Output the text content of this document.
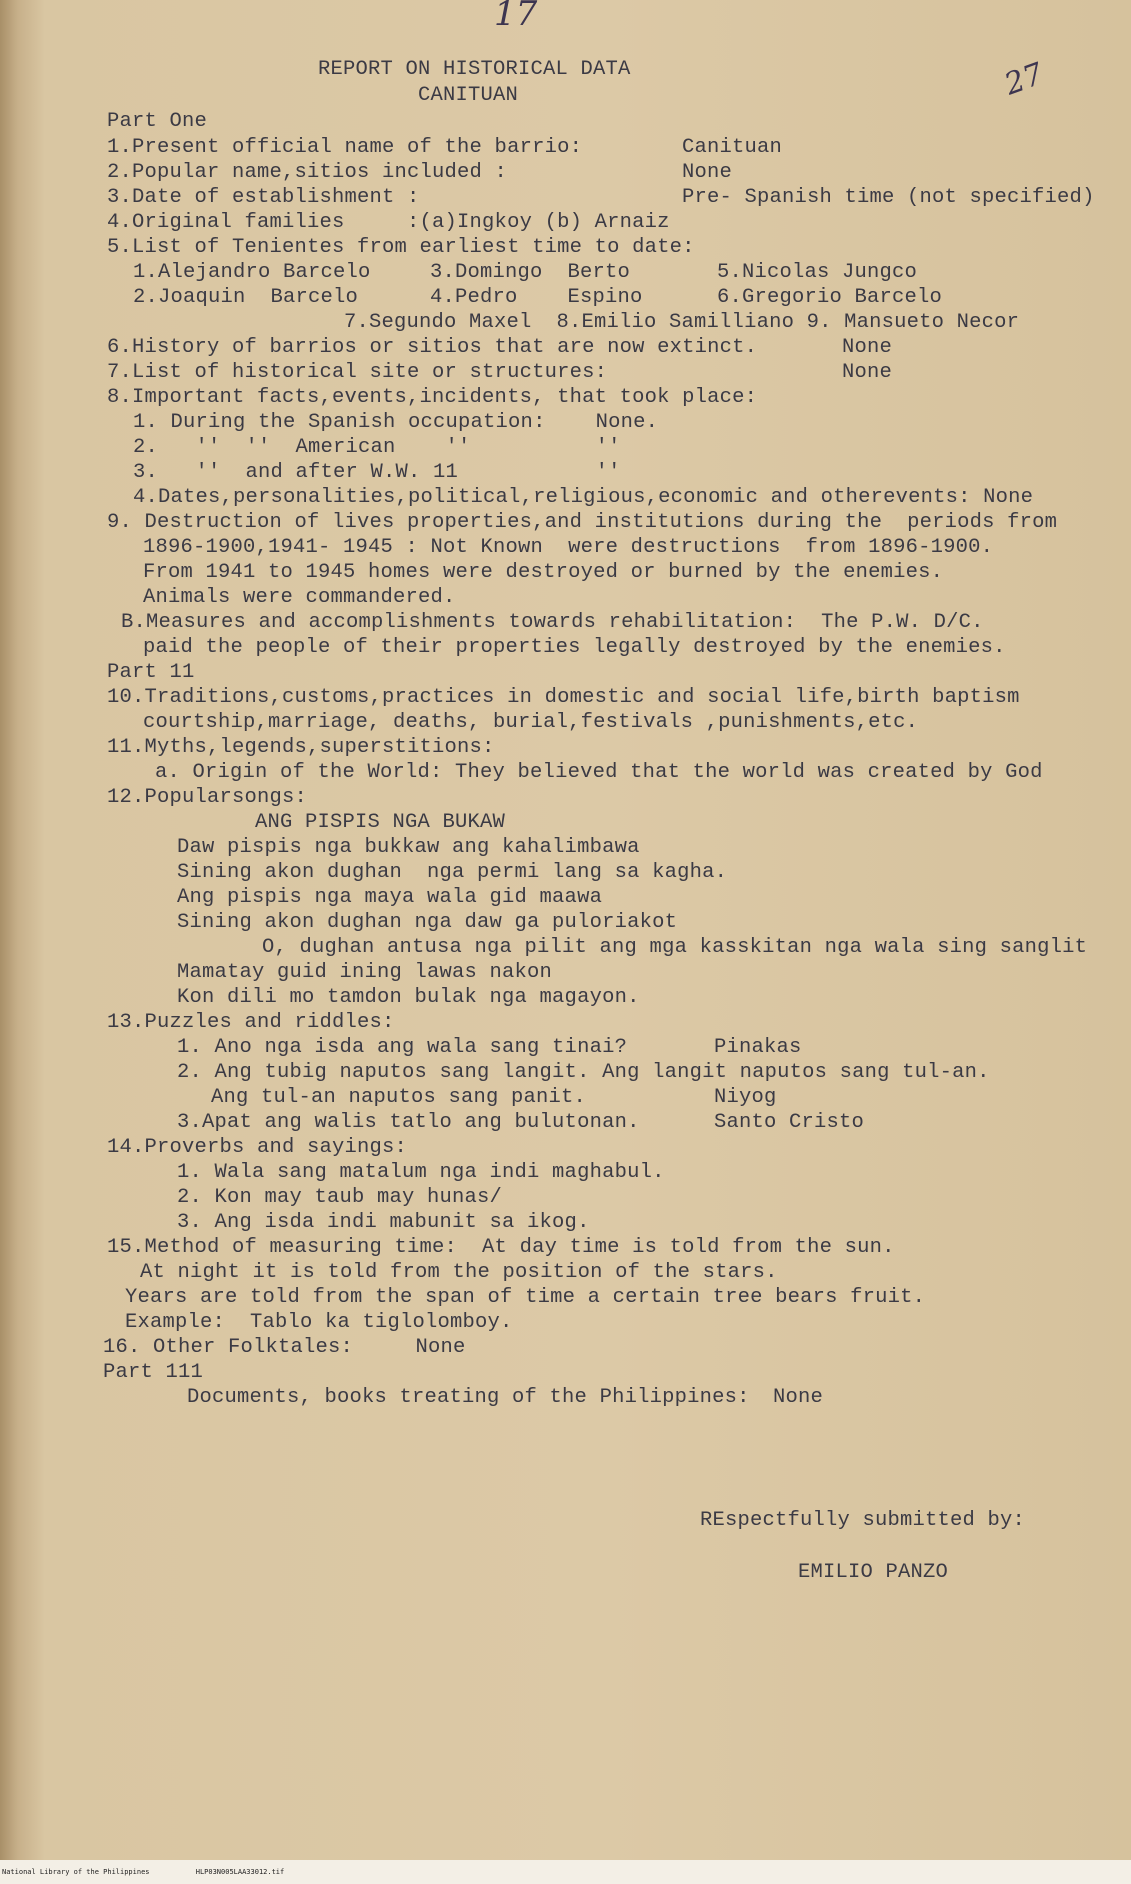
17
27
REPORT ON HISTORICAL DATA
CANITUAN
Part One
1.Present official name of the barrio:	Canituan
2.Popular name,sitios included :	None
3.Date of establishment :	Pre- Spanish time (not specified)
4.Original families     :(a)Ingkoy (b) Arnaiz
5.List of Tenientes from earliest time to date:
1.Alejandro Barcelo	3.Domingo  Berto	5.Nicolas Jungco
2.Joaquin  Barcelo	4.Pedro    Espino	6.Gregorio Barcelo
7.Segundo Maxel  8.Emilio Samilliano 9. Mansueto Necor
6.History of barrios or sitios that are now extinct.	None
7.List of historical site or structures:	None
8.Important facts,events,incidents, that took place:
1. During the Spanish occupation:    None.
2.   ''  ''  American    ''          ''
3.   ''  and after W.W. 11           ''
4.Dates,personalities,political,religious,economic and otherevents: None
9. Destruction of lives properties,and institutions during the  periods from
1896-1900,1941- 1945 : Not Known  were destructions  from 1896-1900.
From 1941 to 1945 homes were destroyed or burned by the enemies.
Animals were commandered.
B.Measures and accomplishments towards rehabilitation:  The P.W. D/C.
paid the people of their properties legally destroyed by the enemies.
Part 11
10.Traditions,customs,practices in domestic and social life,birth baptism
courtship,marriage, deaths, burial,festivals ,punishments,etc.
11.Myths,legends,superstitions:
a. Origin of the World: They believed that the world was created by God
12.Popularsongs:
ANG PISPIS NGA BUKAW
Daw pispis nga bukkaw ang kahalimbawa
Sining akon dughan  nga permi lang sa kagha.
Ang pispis nga maya wala gid maawa
Sining akon dughan nga daw ga puloriakot
O, dughan antusa nga pilit ang mga kasskitan nga wala sing sanglit
Mamatay guid ining lawas nakon
Kon dili mo tamdon bulak nga magayon.
13.Puzzles and riddles:
1. Ano nga isda ang wala sang tinai?	Pinakas
2. Ang tubig naputos sang langit. Ang langit naputos sang tul-an.
Ang tul-an naputos sang panit.	Niyog
3.Apat ang walis tatlo ang bulutonan.	Santo Cristo
14.Proverbs and sayings:
1. Wala sang matalum nga indi maghabul.
2. Kon may taub may hunas/
3. Ang isda indi mabunit sa ikog.
15.Method of measuring time:  At day time is told from the sun.
At night it is told from the position of the stars.
Years are told from the span of time a certain tree bears fruit.
Example:  Tablo ka tiglolomboy.
16. Other Folktales:     None
Part 111
Documents, books treating of the Philippines: None
REspectfully submitted by:
EMILIO PANZO
National Library of the Philippines	HLP03N005LAA33012.tif
